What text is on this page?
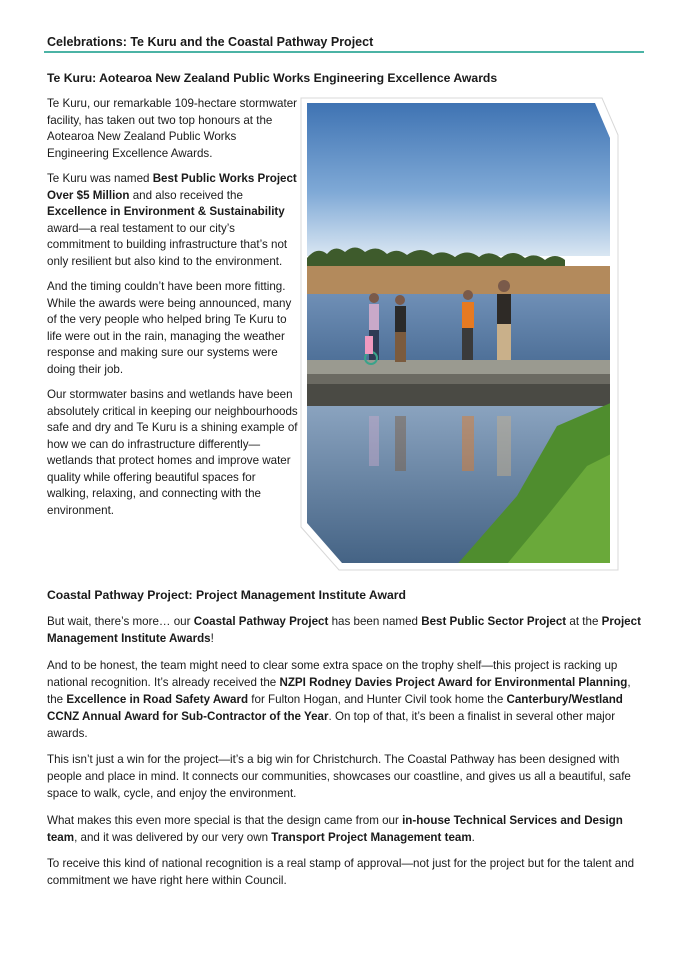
Celebrations: Te Kuru and the Coastal Pathway Project
Te Kuru: Aotearoa New Zealand Public Works Engineering Excellence Awards

Te Kuru, our remarkable 109-hectare stormwater facility, has taken out two top honours at the Aotearoa New Zealand Public Works Engineering Excellence Awards.

Te Kuru was named Best Public Works Project Over $5 Million and also received the Excellence in Environment & Sustainability award—a real testament to our city’s commitment to building infrastructure that’s not only resilient but also kind to the environment.

And the timing couldn’t have been more fitting. While the awards were being announced, many of the very people who helped bring Te Kuru to life were out in the rain, managing the weather response and making sure our systems were doing their job.

Our stormwater basins and wetlands have been absolutely critical in keeping our neighbourhoods safe and dry and Te Kuru is a shining example of how we can do infrastructure differently—wetlands that protect homes and improve water quality while offering beautiful spaces for walking, relaxing, and connecting with the environment.

Coastal Pathway Project: Project Management Institute Award

But wait, there’s more… our Coastal Pathway Project has been named Best Public Sector Project at the Project Management Institute Awards!

And to be honest, the team might need to clear some extra space on the trophy shelf—this project is racking up national recognition. It’s already received the NZPI Rodney Davies Project Award for Environmental Planning, the Excellence in Road Safety Award for Fulton Hogan, and Hunter Civil took home the Canterbury/Westland CCNZ Annual Award for Sub-Contractor of the Year. On top of that, it’s been a finalist in several other major awards.

This isn’t just a win for the project—it’s a big win for Christchurch. The Coastal Pathway has been designed with people and place in mind. It connects our communities, showcases our coastline, and gives us all a beautiful, safe space to walk, cycle, and enjoy the environment.

What makes this even more special is that the design came from our in-house Technical Services and Design team, and it was delivered by our very own Transport Project Management team.

To receive this kind of national recognition is a real stamp of approval—not just for the project but for the talent and commitment we have right here within Council.
